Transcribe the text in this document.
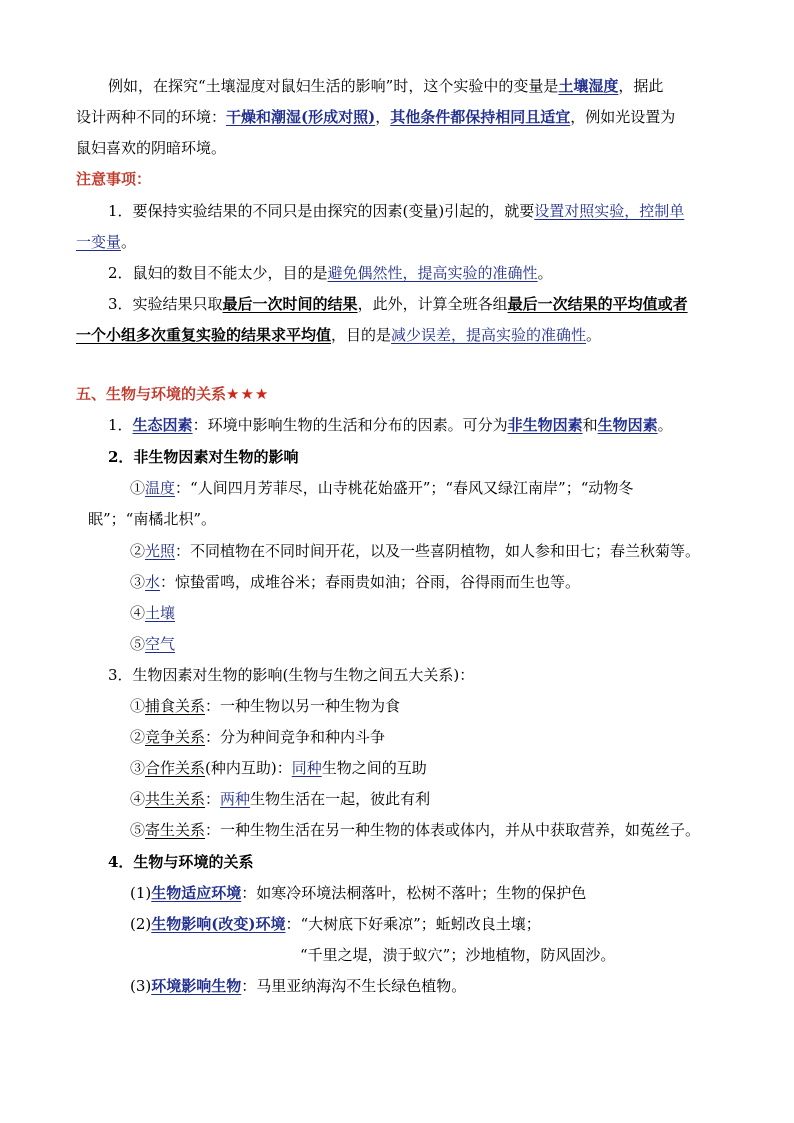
例如，在探究“土壤湿度对鼠妇生活的影响”时，这个实验中的变量是土壤湿度，据此
设计两种不同的环境：干燥和潮湿(形成对照)，其他条件都保持相同且适宜，例如光设置为
鼠妇喜欢的阴暗环境。
注意事项：
1．要保持实验结果的不同只是由探究的因素(变量)引起的，就要设置对照实验，控制单
一变量。
2．鼠妇的数目不能太少，目的是避免偶然性，提高实验的准确性。
3．实验结果只取最后一次时间的结果，此外，计算全班各组最后一次结果的平均值或者
一个小组多次重复实验的结果求平均值，目的是减少误差，提高实验的准确性。
五、生物与环境的关系★★★
1．生态因素：环境中影响生物的生活和分布的因素。可分为非生物因素和生物因素。
2．非生物因素对生物的影响
①温度：“人间四月芳菲尽，山寺桃花始盛开”；“春风又绿江南岸”；“动物冬
眠”；“南橘北枳”。
②光照：不同植物在不同时间开花，以及一些喜阴植物，如人参和田七；春兰秋菊等。
③水：惊蛰雷鸣，成堆谷米；春雨贵如油；谷雨，谷得雨而生也等。
④土壤
⑤空气
3．生物因素对生物的影响(生物与生物之间五大关系)：
①捕食关系：一种生物以另一种生物为食
②竞争关系：分为种间竞争和种内斗争
③合作关系(种内互助)：同种生物之间的互助
④共生关系：两种生物生活在一起，彼此有利
⑤寄生关系：一种生物生活在另一种生物的体表或体内，并从中获取营养，如菟丝子。
4．生物与环境的关系
(1)生物适应环境：如寒冷环境法桐落叶，松树不落叶；生物的保护色
(2)生物影响(改变)环境：“大树底下好乘凉”；蚯蚓改良土壤；
“千里之堤，溃于蚁穴”；沙地植物，防风固沙。
(3)环境影响生物：马里亚纳海沟不生长绿色植物。
